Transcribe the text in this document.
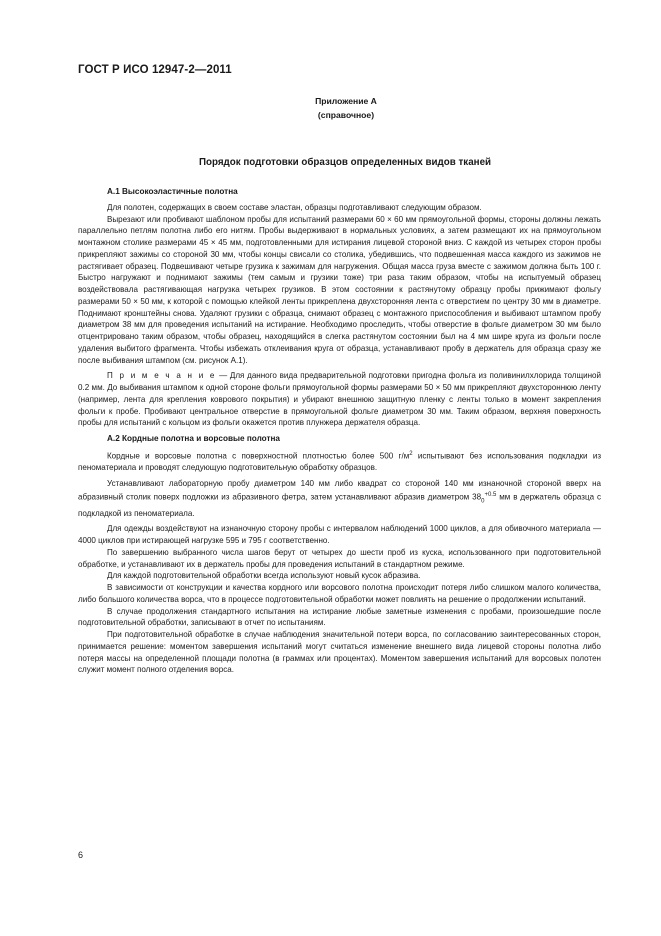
ГОСТ Р ИСО 12947-2—2011
Приложение А
(справочное)
Порядок подготовки образцов определенных видов тканей
А.1 Высокоэластичные полотна

Для полотен, содержащих в своем составе эластан, образцы подготавливают следующим образом.

Вырезают или пробивают шаблоном пробы для испытаний размерами 60 × 60 мм прямоугольной формы, стороны должны лежать параллельно петлям полотна либо его нитям. Пробы выдерживают в нормальных условиях, а затем размещают их на прямоугольном монтажном столике размерами 45 × 45 мм, подготовленными для истирания лицевой стороной вниз. С каждой из четырех сторон пробы прикрепляют зажимы со стороной 30 мм, чтобы концы свисали со столика, убедившись, что подвешенная масса каждого из зажимов не растягивает образец. Подвешивают четыре грузика к зажимам для нагружения. Общая масса груза вместе с зажимом должна быть 100 г. Быстро нагружают и поднимают зажимы (тем самым и грузики тоже) три раза таким образом, чтобы на испытуемый образец воздействовала растягивающая нагрузка четырех грузиков. В этом состоянии к растянутому образцу пробы прижимают фольгу размерами 50 × 50 мм, к которой с помощью клейкой ленты прикреплена двухсторонняя лента с отверстием по центру 30 мм в диаметре. Поднимают кронштейны снова. Удаляют грузики с образца, снимают образец с монтажного приспособления и выбивают штампом пробу диаметром 38 мм для проведения испытаний на истирание. Необходимо проследить, чтобы отверстие в фольге диаметром 30 мм было отцентрировано таким образом, чтобы образец, находящийся в слегка растянутом состоянии был на 4 мм шире круга из фольги после удаления выбитого фрагмента. Чтобы избежать отклеивания круга от образца, устанавливают пробу в держатель для образца сразу же после выбивания штампом (см. рисунок А.1).

П р и м е ч а н и е — Для данного вида предварительной подготовки пригодна фольга из поливинилхлорида толщиной 0.2 мм. До выбивания штампом к одной стороне фольги прямоугольной формы размерами 50 × 50 мм прикрепляют двухстороннюю ленту (например, лента для крепления коврового покрытия) и убирают внешнюю защитную пленку с ленты только в момент закрепления фольги к пробе. Пробивают центральное отверстие в прямоугольной фольге диаметром 30 мм. Таким образом, верхняя поверхность пробы для испытаний с кольцом из фольги окажется против плунжера держателя образца.

А.2 Кордные полотна и ворсовые полотна

Кордные и ворсовые полотна с поверхностной плотностью более 500 $г/м^2$ испытывают без использования подкладки из пеноматериала и проводят следующую подготовительную обработку образцов.

Устанавливают лабораторную пробу диаметром 140 мм либо квадрат со стороной 140 мм изнаночной стороной вверх на абразивный столик поверх подложки из абразивного фетра, затем устанавливают абразив диаметром $38_0^{+0.5}$ мм в держатель образца с подкладкой из пеноматериала.

Для одежды воздействуют на изнаночную сторону пробы с интервалом наблюдений 1000 циклов, а для обивочного материала — 4000 циклов при истирающей нагрузке 595 и 795 г соответственно.

По завершению выбранного числа шагов берут от четырех до шести проб из куска, использованного при подготовительной обработке, и устанавливают их в держатель пробы для проведения испытаний в стандартном режиме.

Для каждой подготовительной обработки всегда используют новый кусок абразива.

В зависимости от конструкции и качества кордного или ворсового полотна происходит потеря либо слишком малого количества, либо большого количества ворса, что в процессе подготовительной обработки может повлиять на решение о продолжении испытаний.

В случае продолжения стандартного испытания на истирание любые заметные изменения с пробами, произошедшие после подготовительной обработки, записывают в отчет по испытаниям.

При подготовительной обработке в случае наблюдения значительной потери ворса, по согласованию заинтересованных сторон, принимается решение: моментом завершения испытаний могут считаться изменение внешнего вида лицевой стороны полотна либо потеря массы на определенной площади полотна (в граммах или процентах). Моментом завершения испытаний для ворсовых полотен служит момент полного отделения ворса.

6
